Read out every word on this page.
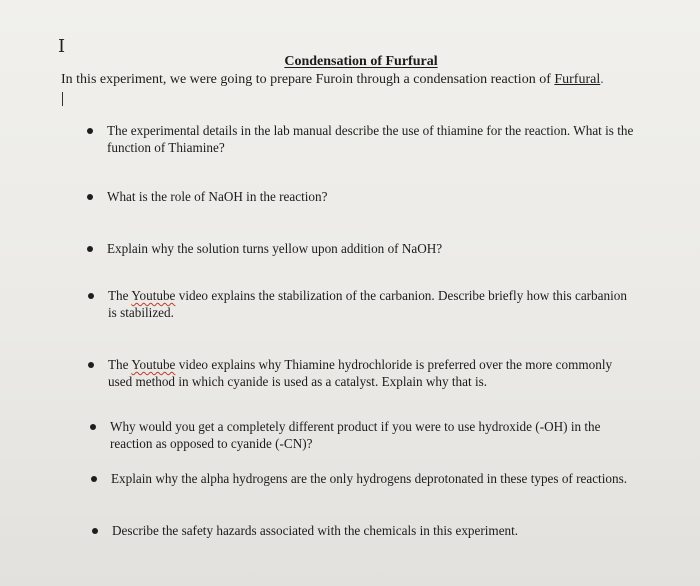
I
Condensation of Furfural
In this experiment, we were going to prepare Furoin through a condensation reaction of Furfural.
The experimental details in the lab manual describe the use of thiamine for the reaction. What is the function of Thiamine?
What is the role of NaOH in the reaction?
Explain why the solution turns yellow upon addition of NaOH?
The Youtube video explains the stabilization of the carbanion. Describe briefly how this carbanion is stabilized.
The Youtube video explains why Thiamine hydrochloride is preferred over the more commonly used method in which cyanide is used as a catalyst. Explain why that is.
Why would you get a completely different product if you were to use hydroxide (-OH) in the reaction as opposed to cyanide (-CN)?
Explain why the alpha hydrogens are the only hydrogens deprotonated in these types of reactions.
Describe the safety hazards associated with the chemicals in this experiment.
